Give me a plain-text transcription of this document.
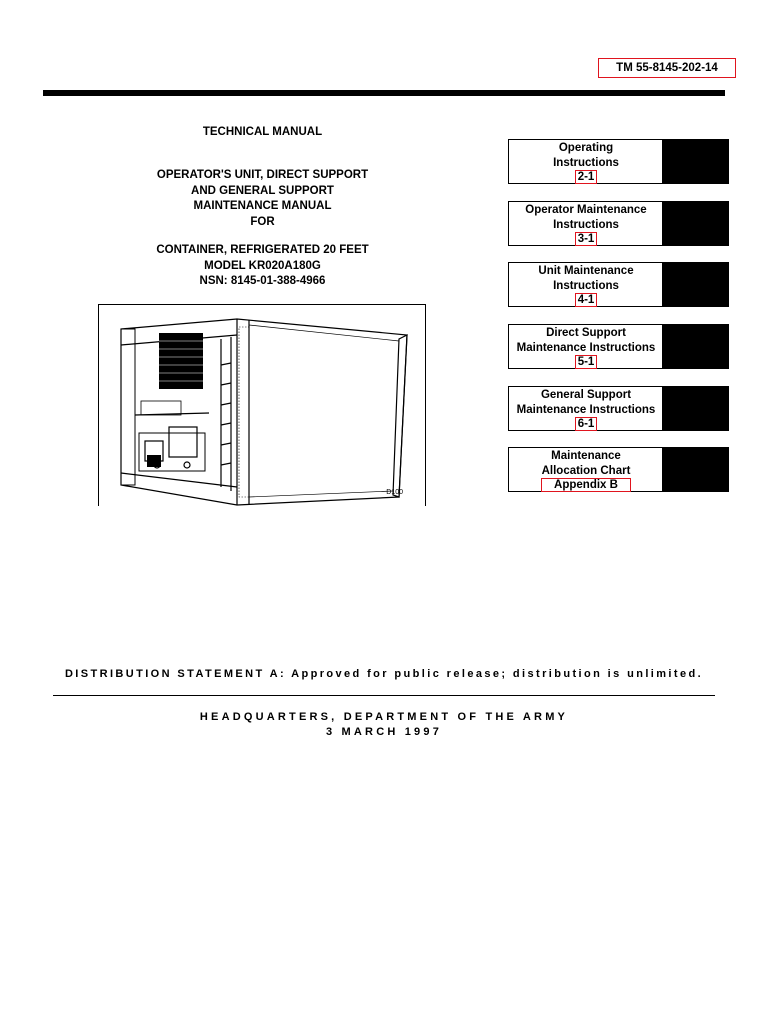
TM 55-8145-202-14
TECHNICAL MANUAL
OPERATOR'S UNIT, DIRECT SUPPORT
AND GENERAL SUPPORT
MAINTENANCE MANUAL
FOR
CONTAINER, REFRIGERATED 20 FEET
MODEL KR020A180G
NSN: 8145-01-388-4966
D100
Operating
Instructions
2-1
Operator Maintenance
Instructions
3-1
Unit Maintenance
Instructions
4-1
Direct Support
Maintenance Instructions
5-1
General Support
Maintenance Instructions
6-1
Maintenance
Allocation Chart
Appendix B
DISTRIBUTION STATEMENT A: Approved for public release; distribution is unlimited.
HEADQUARTERS, DEPARTMENT OF THE ARMY
3 MARCH 1997
